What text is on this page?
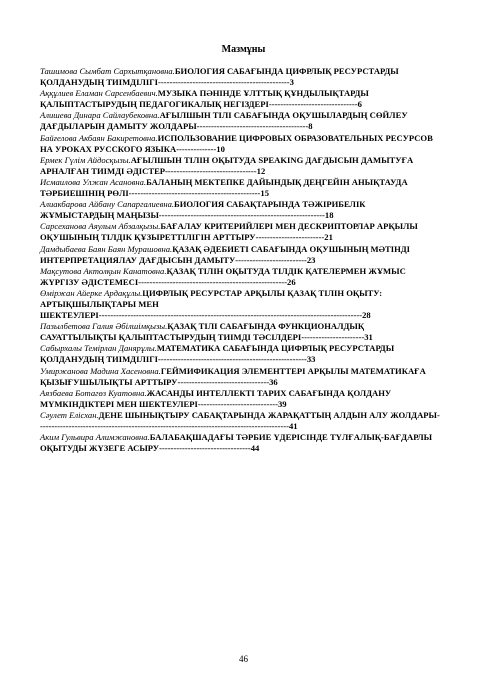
Мазмұны

Ташимова Сымбат Сархытқановна.БИОЛОГИЯ САБАҒЫНДА ЦИФРЛЫҚ РЕСУРСТАРДЫ ҚОЛДАНУДЫҢ ТИІМДІЛІГІ----------------------------------------------3

Аққұлиев Еламан Сарсенбаевич.МУЗЫКА ПӘНІНДЕ ҰЛТТЫҚ ҚҰНДЫЛЫҚТАРДЫ ҚАЛЫПТАСТЫРУДЫҢ ПЕДАГОГИКАЛЫҚ НЕГІЗДЕРІ-------------------------------6

Алишева Динара Сайлаубековна.АҒЫЛШЫН ТІЛІ САБАҒЫНДА ОҚУШЫЛАРДЫҢ СӨЙЛЕУ ДАҒДЫЛАРЫН ДАМЫТУ ЖОЛДАРЫ---------------------------------------8

Байғелова Акбаян Бакиретовна.ИСПОЛЬЗОВАНИЕ ЦИФРОВЫХ ОБРАЗОВАТЕЛЬНЫХ РЕСУРСОВ НА УРОКАХ РУССКОГО ЯЗЫКА--------------10

Ермек Гүлім Айдосқызы.АҒЫЛШЫН ТІЛІН ОҚЫТУДА SPEAKING ДАҒДЫСЫН ДАМЫТУҒА АРНАЛҒАН ТИІМДІ ӘДІСТЕР--------------------------------12

Исмаилова Улжан Асановна.БАЛАНЫҢ МЕКТЕПКЕ ДАЙЫНДЫҚ ДЕҢГЕЙІН АНЫҚТАУДА ТӘРБИЕШІНІҢ РӨЛІ----------------------------------------------15

Алиакбарова Айбану Сапаргалиевна.БИОЛОГИЯ САБАҚТАРЫНДА ТӘЖІРИБЕЛІК ЖҰМЫСТАРДЫҢ МАҢЫЗЫ----------------------------------------------------------18

Сарсеханова Аяулым Абзалқызы.БАҒАЛАУ КРИТЕРИЙЛЕРІ МЕН ДЕСКРИПТОРЛАР АРҚЫЛЫ ОҚУШЫНЫҢ ТІЛДІК ҚҰЗЫРЕТТІЛІГІН АРТТЫРУ------------------------21

Дамдыбаева Баян Баян Мурашовна.ҚАЗАҚ ӘДЕБИЕТІ САБАҒЫНДА ОҚУШЫНЫҢ МӘТІНДІ ИНТЕРПРЕТАЦИЯЛАУ ДАҒДЫСЫН ДАМЫТУ-------------------------23

Мақсутова Актолқын Канатовна.ҚАЗАҚ ТІЛІН ОҚЫТУДА ТІЛДІК ҚАТЕЛЕРМЕН ЖҰМЫС ЖҮРГІЗУ ӘДІСТЕМЕСІ----------------------------------------------------26

Өміржан Айерке Ардақұлы.ЦИФРЛЫҚ РЕСУРСТАР АРҚЫЛЫ ҚАЗАҚ ТІЛІН ОҚЫТУ: АРТЫҚШЫЛЫҚТАРЫ МЕН
ШЕКТЕУЛЕРІ--------------------------------------------------------------------------------------------28

Пазылбетова Галия Әбілшімқызы.ҚАЗАҚ ТІЛІ САБАҒЫНДА ФУНКЦИОНАЛДЫҚ САУАТТЫЛЫҚТЫ ҚАЛЫПТАСТЫРУДЫҢ ТИІМДІ ТӘСІЛДЕРІ----------------------31

Сабырхалы Темірлан Данярұлы.МАТЕМАТИКА САБАҒЫНДА ЦИФРЛЫҚ РЕСУРСТАРДЫ ҚОЛДАНУДЫҢ ТИІМДІЛІГІ----------------------------------------------------33

Умиржанова Мадина Хасеновна.ГЕЙМИФИКАЦИЯ ЭЛЕМЕНТТЕРІ АРҚЫЛЫ МАТЕМАТИКАҒА ҚЫЗЫҒУШЫЛЫҚТЫ АРТТЫРУ--------------------------------36

Аязбаева Ботагөз Куатовна.ЖАСАНДЫ ИНТЕЛЛЕКТІ ТАРИХ САБАҒЫНДА ҚОЛДАНУ МҮМКІНДІКТЕРІ МЕН ШЕКТЕУЛЕРІ----------------------------39

Сәулет Елісхан.ДЕНЕ ШЫНЫҚТЫРУ САБАҚТАРЫНДА ЖАРАҚАТТЫҢ АЛДЫН АЛУ ЖОЛДАРЫ----------------------------------------------------------------------------------------41

Аким Гульвира Алимжановна.БАЛАБАҚШАДАҒЫ ТӘРБИЕ ҮДЕРІСІНДЕ ТҮЛҒАЛЫҚ-БАҒДАРЛЫ ОҚЫТУДЫ ЖҮЗЕГЕ АСЫРУ--------------------------------44

46
